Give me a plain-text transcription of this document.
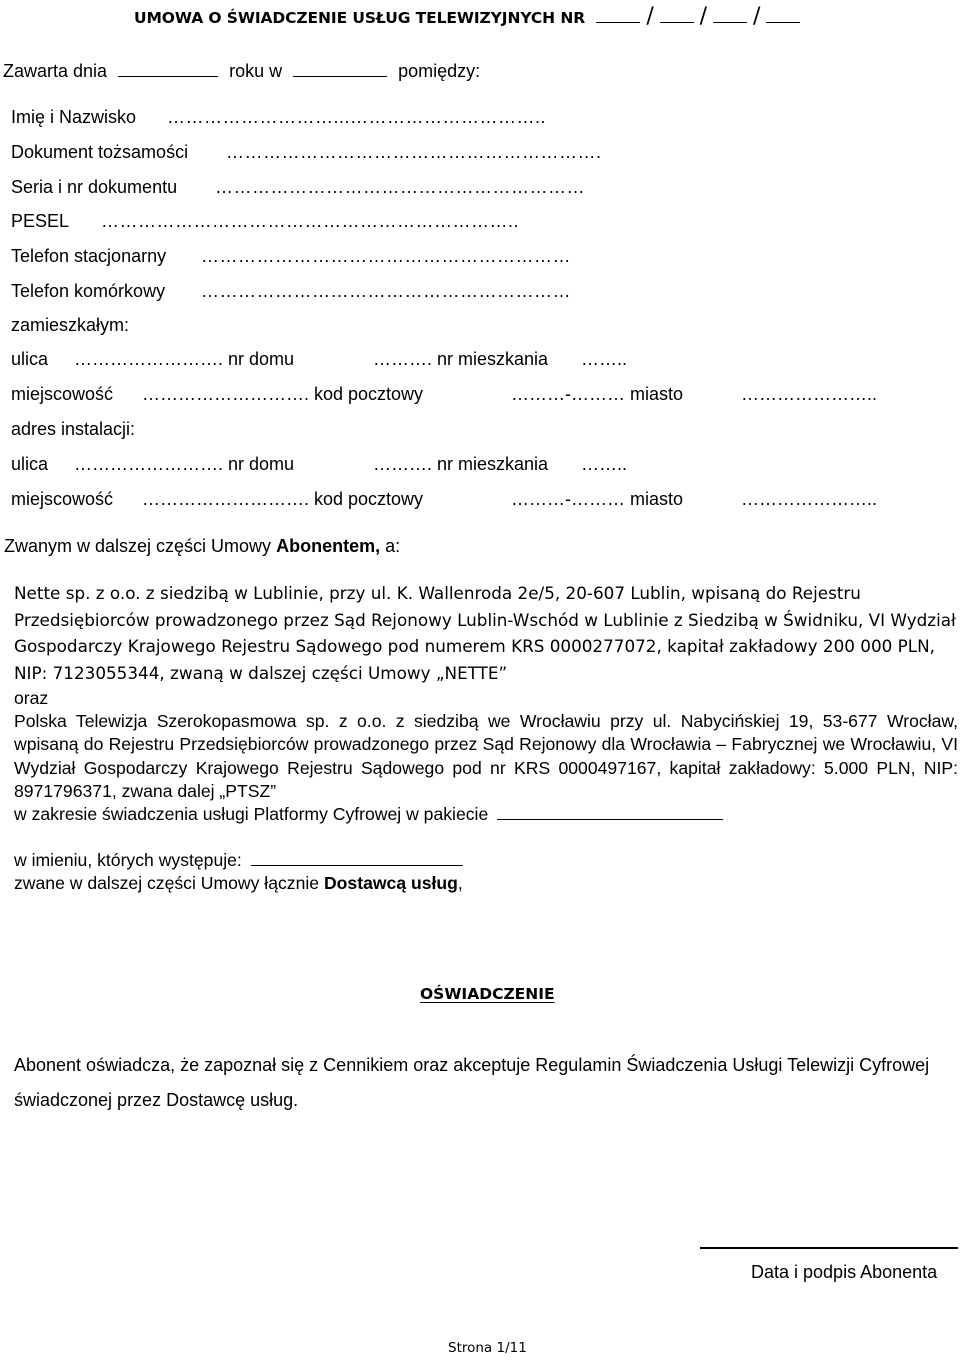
UMOWA O ŚWIADCZENIE USŁUG TELEWIZYJNYCH NR	/ / /
Zawarta dnia	roku w	pomiędzy:
Imię i Nazwisko ………………………...…………………………..
Dokument tożsamości …………………………………………………….
Seria i nr dokumentu ……………………………………………………
PESEL …………………………………………………………..
Telefon stacjonarny ……………………………………………………
Telefon komórkowy ……………………………………………………
zamieszkałym:
ulica ……………………. nr domu	………. nr mieszkania ……..
miejscowość ………………………. kod pocztowy	………-……… miasto	…………………..
adres instalacji:
ulica ……………………. nr domu	………. nr mieszkania ……..
miejscowość ………………………. kod pocztowy	………-……… miasto	…………………..
Zwanym w dalszej części Umowy Abonentem, a:
Nette sp. z o.o. z siedzibą w Lublinie, przy ul. K. Wallenroda 2e/5, 20-607 Lublin, wpisaną do Rejestru Przedsiębiorców prowadzonego przez Sąd Rejonowy Lublin-Wschód w Lublinie z Siedzibą w Świdniku, VI Wydział Gospodarczy Krajowego Rejestru Sądowego pod numerem KRS 0000277072, kapitał zakładowy 200 000 PLN, NIP: 7123055344, zwaną w dalszej części Umowy „NETTE”
oraz
Polska Telewizja Szerokopasmowa sp. z o.o. z siedzibą we Wrocławiu przy ul. Nabycińskiej 19, 53-677 Wrocław, wpisaną do Rejestru Przedsiębiorców prowadzonego przez Sąd Rejonowy dla Wrocławia – Fabrycznej we Wrocławiu, VI Wydział Gospodarczy Krajowego Rejestru Sądowego pod nr KRS 0000497167, kapitał zakładowy: 5.000 PLN, NIP: 8971796371, zwana dalej „PTSZ”
w zakresie świadczenia usługi Platformy Cyfrowej w pakiecie
w imieniu, których występuje:
zwane w dalszej części Umowy łącznie Dostawcą usług,
OŚWIADCZENIE
Abonent oświadcza, że zapoznał się z Cennikiem oraz akceptuje Regulamin Świadczenia Usługi Telewizji Cyfrowej świadczonej przez Dostawcę usług.
Data i podpis Abonenta
Strona 1/11
